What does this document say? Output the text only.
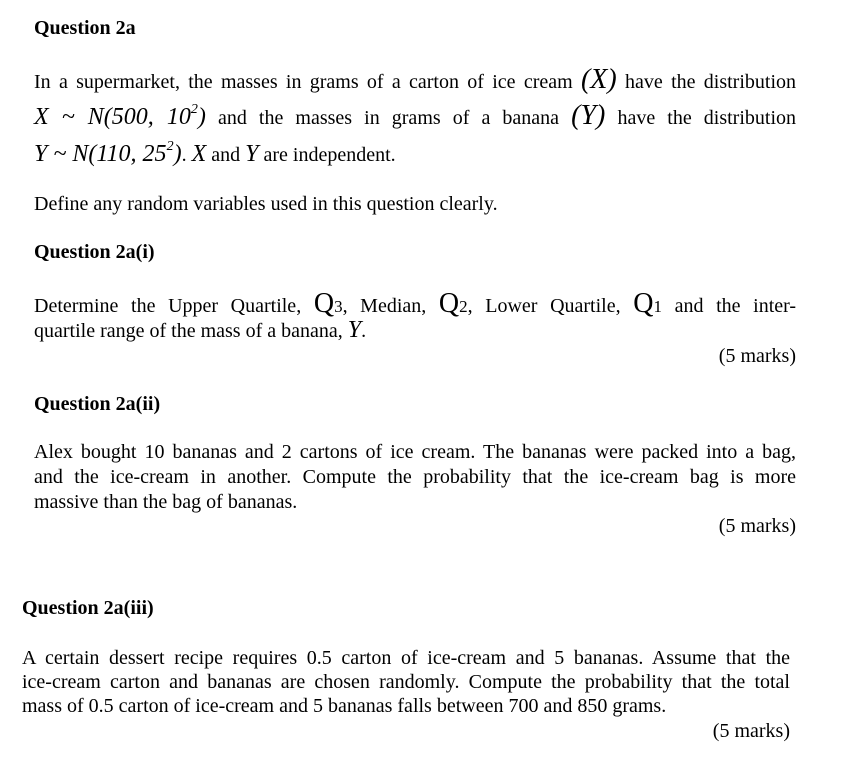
Question 2a
In a supermarket, the masses in grams of a carton of ice cream (X) have the distribution
X ~ N(500, $10^2$) and the masses in grams of a banana (Y) have the distribution
Y ~ N(110, $25^2$). X and Y are independent.
Define any random variables used in this question clearly.
Question 2a(i)
Determine the Upper Quartile, Q3, Median, Q2, Lower Quartile, Q1 and the inter-
quartile range of the mass of a banana, Y.
(5 marks)
Question 2a(ii)
Alex bought 10 bananas and 2 cartons of ice cream. The bananas were packed into a bag,
and the ice-cream in another. Compute the probability that the ice-cream bag is more
massive than the bag of bananas.
(5 marks)
Question 2a(iii)
A certain dessert recipe requires 0.5 carton of ice-cream and 5 bananas. Assume that the
ice-cream carton and bananas are chosen randomly. Compute the probability that the total
mass of 0.5 carton of ice-cream and 5 bananas falls between 700 and 850 grams.
(5 marks)
